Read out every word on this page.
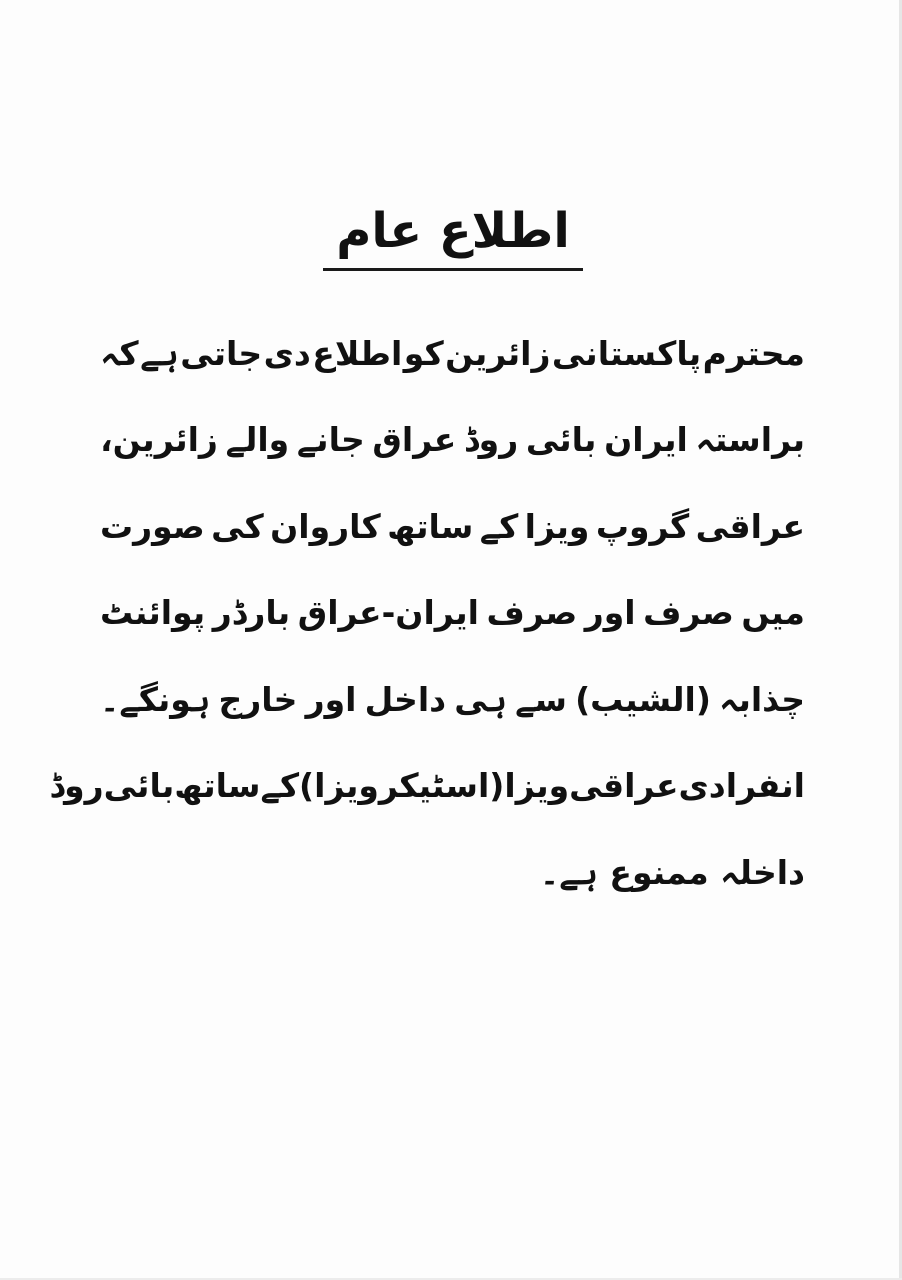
اطلاع عام
محترم
پاکستانی
زائرین
کو
اطلاع
دی
جاتی
ہے
کہ
براستہ
ایران
بائی
روڈ
عراق
جانے
والے
زائرین،
عراقی
گروپ
ویزا
کے
ساتھ
کاروان
کی
صورت
میں
صرف
اور
صرف
ایران-عراق
بارڈر
پوائنٹ
چذابہ
(الشیب)
سے
ہی
داخل
اور
خارج
ہونگے۔
انفرادی
عراقی
ویزا(اسٹیکرویزا)
کے
ساتھ
بائی
روڈ
داخلہ ممنوع ہے۔
